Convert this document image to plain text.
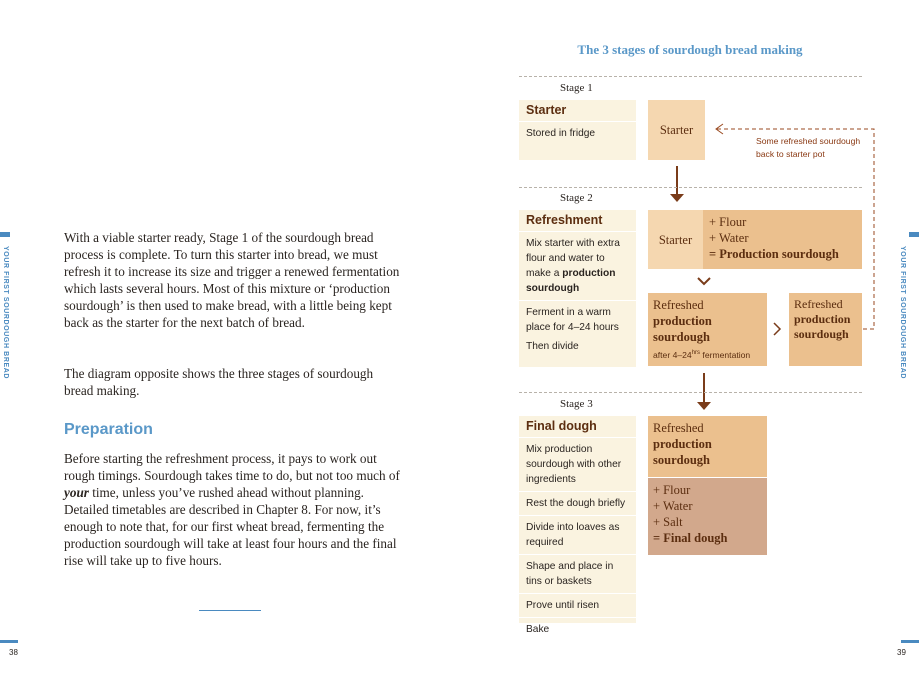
YOUR FIRST SOURDOUGH BREAD

With a viable starter ready, Stage 1 of the sourdough bread process is complete. To turn this starter into bread, we must refresh it to increase its size and trigger a renewed fermentation which lasts several hours. Most of this mixture or ‘production sourdough’ is then used to make bread, with a little being kept back as the starter for the next batch of bread.

The diagram opposite shows the three stages of sourdough bread making.

Preparation

Before starting the refreshment process, it pays to work out rough timings. Sourdough takes time to do, but not too much of your time, unless you’ve rushed ahead without planning. Detailed timetables are described in Chapter 8. For now, it’s enough to note that, for our first wheat bread, fermenting the production sourdough will take at least four hours and the final rise will take up to five hours.

38
YOUR FIRST SOURDOUGH BREAD
39
The 3 stages of sourdough bread making
Stage 1
Starter
Stored in fridge	Starter
Some refreshed sourdough back to starter pot
Stage 2
Refreshment
Mix starter with extra flour and water to make a production sourdough
Ferment in a warm place for 4–24 hours
Then divide
Starter
+ Flour
+ Water
= Production sourdough
Refreshed
production sourdough
after $4-24^{hrs}$ fermentation
Refreshed
production sourdough
Stage 3
Final dough
Mix production sourdough with other ingredients
Rest the dough briefly
Divide into loaves as required
Shape and place in tins or baskets
Prove until risen
Bake
Refreshed
production sourdough
+ Flour
+ Water
+ Salt
= Final dough
